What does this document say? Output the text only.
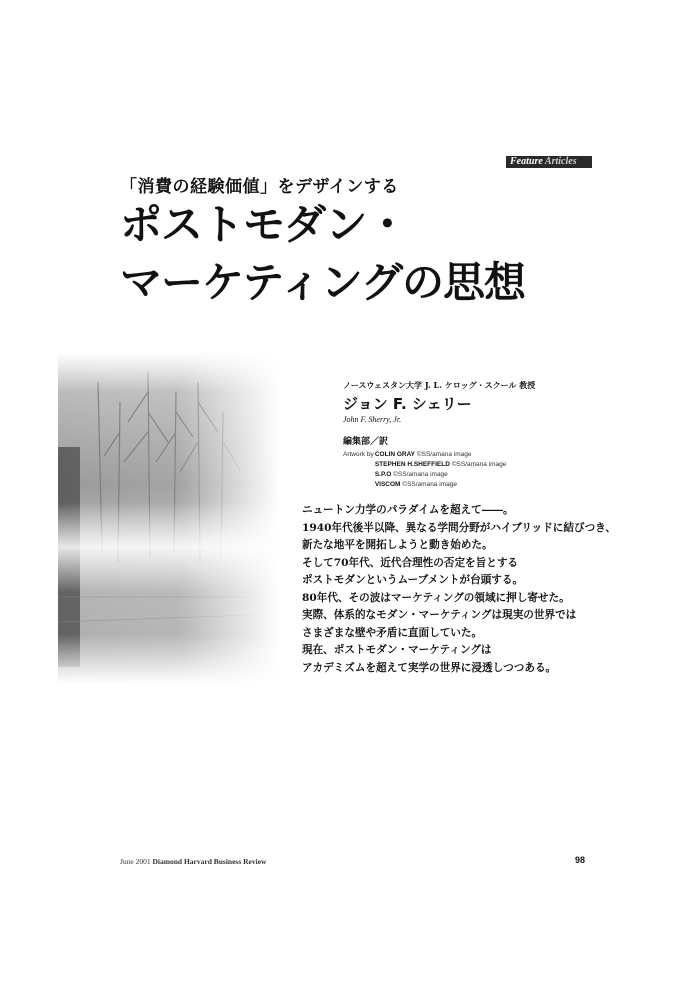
Feature Articles
「消費の経験価値」をデザインする
ポストモダン・
マーケティングの思想
ノースウェスタン大学 J. L. ケロッグ・スクール 教授
ジョン F. シェリー
John F. Sherry, Jr.
編集部／訳
Artwork by COLIN GRAY ©SS/amana image
STEPHEN H.SHEFFIELD ©SS/amana image
S.P.O ©SS/amana image
VISCOM ©SS/amana image
ニュートン力学のパラダイムを超えて――。
1940年代後半以降、異なる学問分野がハイブリッドに結びつき、
新たな地平を開拓しようと動き始めた。
そして70年代、近代合理性の否定を旨とする
ポストモダンというムーブメントが台頭する。
80年代、その波はマーケティングの領域に押し寄せた。
実際、体系的なモダン・マーケティングは現実の世界では
さまざまな壁や矛盾に直面していた。
現在、ポストモダン・マーケティングは
アカデミズムを超えて実学の世界に浸透しつつある。
June 2001 Diamond Harvard Business Review	98
